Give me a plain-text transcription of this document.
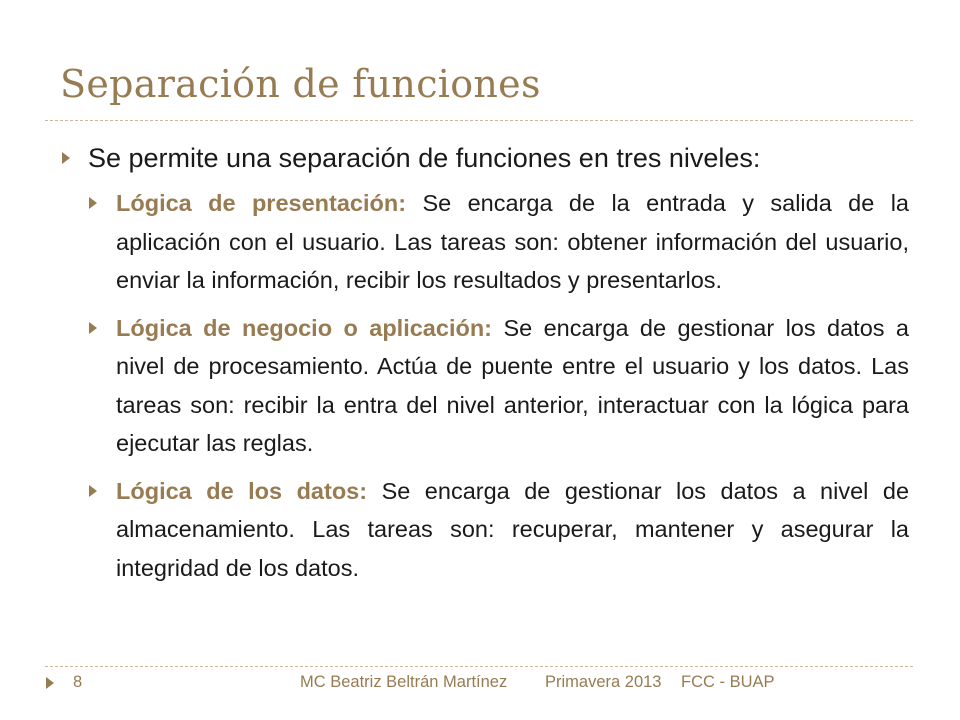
Separación de funciones
Se permite una separación de funciones en tres niveles:
Lógica de presentación: Se encarga de la entrada y salida de la aplicación con el usuario. Las tareas son: obtener información del usuario, enviar la información, recibir los resultados y presentarlos.
Lógica de negocio o aplicación: Se encarga de gestionar los datos a nivel de procesamiento. Actúa de puente entre el usuario y los datos. Las tareas son: recibir la entra del nivel anterior, interactuar con la lógica para ejecutar las reglas.
Lógica de los datos: Se encarga de gestionar los datos a nivel de almacenamiento. Las tareas son: recuperar, mantener y asegurar la integridad de los datos.
8	MC Beatriz Beltrán Martínez Primavera 2013 FCC - BUAP
